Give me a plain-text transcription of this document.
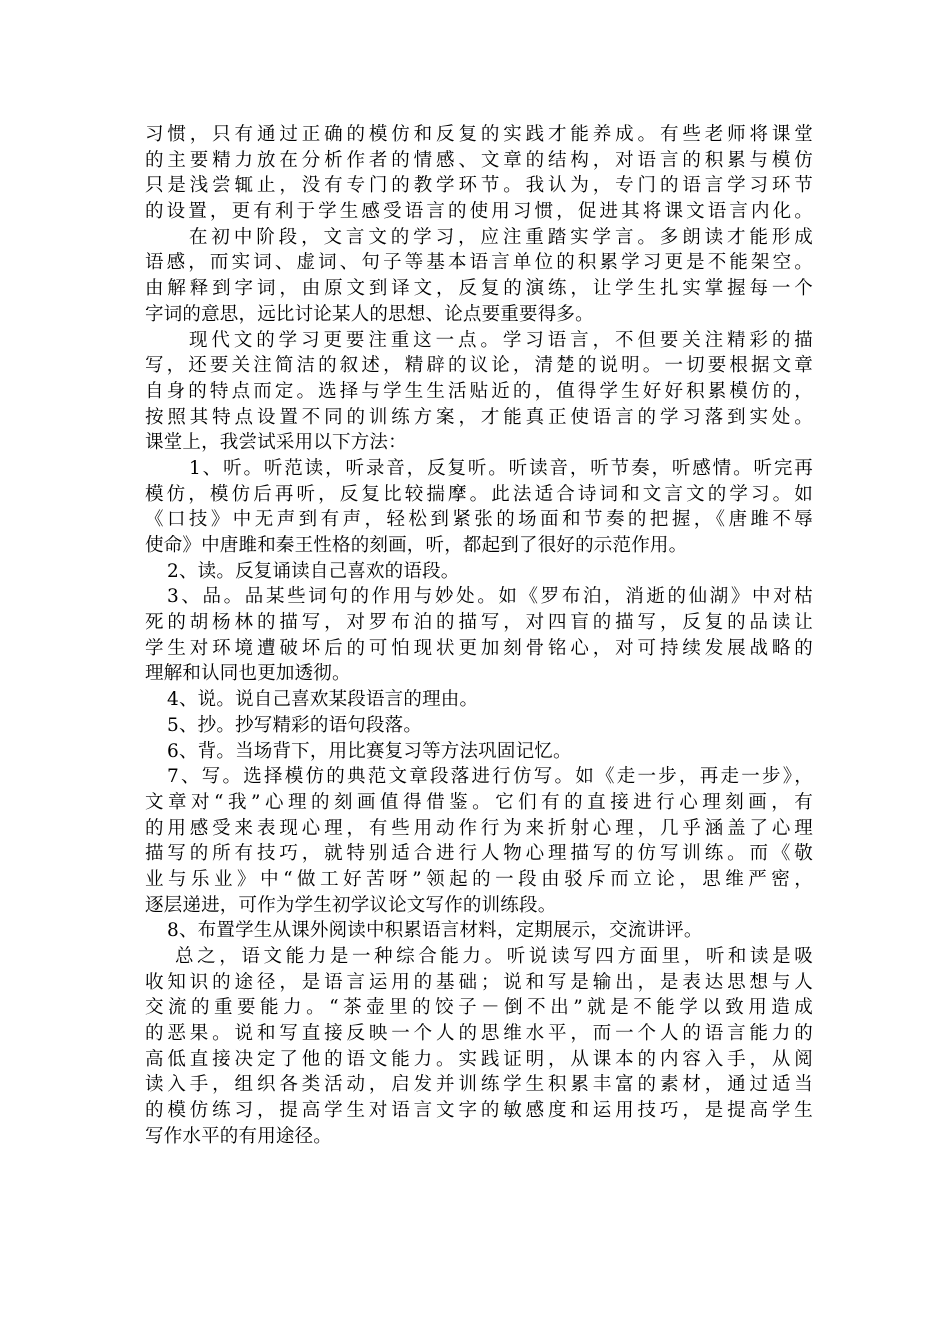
习惯，只有通过正确的模仿和反复的实践才能养成。有些老师将课堂
的主要精力放在分析作者的情感、文章的结构，对语言的积累与模仿
只是浅尝辄止，没有专门的教学环节。我认为，专门的语言学习环节
的设置，更有利于学生感受语言的使用习惯，促进其将课文语言内化。
在初中阶段，文言文的学习，应注重踏实学言。多朗读才能形成
语感，而实词、虚词、句子等基本语言单位的积累学习更是不能架空。
由解释到字词，由原文到译文，反复的演练，让学生扎实掌握每一个
字词的意思，远比讨论某人的思想、论点要重要得多。
现代文的学习更要注重这一点。学习语言，不但要关注精彩的描
写，还要关注简洁的叙述，精辟的议论，清楚的说明。一切要根据文章
自身的特点而定。选择与学生生活贴近的，值得学生好好积累模仿的，
按照其特点设置不同的训练方案，才能真正使语言的学习落到实处。
课堂上，我尝试采用以下方法：
1、听。听范读，听录音，反复听。听读音，听节奏，听感情。听完再
模仿，模仿后再听，反复比较揣摩。此法适合诗词和文言文的学习。如
《口技》中无声到有声，轻松到紧张的场面和节奏的把握，《唐雎不辱
使命》中唐雎和秦王性格的刻画，听，都起到了很好的示范作用。
2、读。反复诵读自己喜欢的语段。
3、品。品某些词句的作用与妙处。如《罗布泊，消逝的仙湖》中对枯
死的胡杨林的描写，对罗布泊的描写，对四盲的描写，反复的品读让
学生对环境遭破坏后的可怕现状更加刻骨铭心，对可持续发展战略的
理解和认同也更加透彻。
4、说。说自己喜欢某段语言的理由。
5、抄。抄写精彩的语句段落。
6、背。当场背下，用比赛复习等方法巩固记忆。
7、写。选择模仿的典范文章段落进行仿写。如《走一步，再走一步》，
文章对“我”心理的刻画值得借鉴。它们有的直接进行心理刻画，有
的用感受来表现心理，有些用动作行为来折射心理，几乎涵盖了心理
描写的所有技巧，就特别适合进行人物心理描写的仿写训练。而《敬
业与乐业》中“做工好苦呀”领起的一段由驳斥而立论，思维严密，
逐层递进，可作为学生初学议论文写作的训练段。
8、布置学生从课外阅读中积累语言材料，定期展示，交流讲评。
总之，语文能力是一种综合能力。听说读写四方面里，听和读是吸
收知识的途径，是语言运用的基础；说和写是输出，是表达思想与人
交流的重要能力。“茶壶里的饺子－倒不出”就是不能学以致用造成
的恶果。说和写直接反映一个人的思维水平，而一个人的语言能力的
高低直接决定了他的语文能力。实践证明，从课本的内容入手，从阅
读入手，组织各类活动，启发并训练学生积累丰富的素材，通过适当
的模仿练习，提高学生对语言文字的敏感度和运用技巧，是提高学生
写作水平的有用途径。
